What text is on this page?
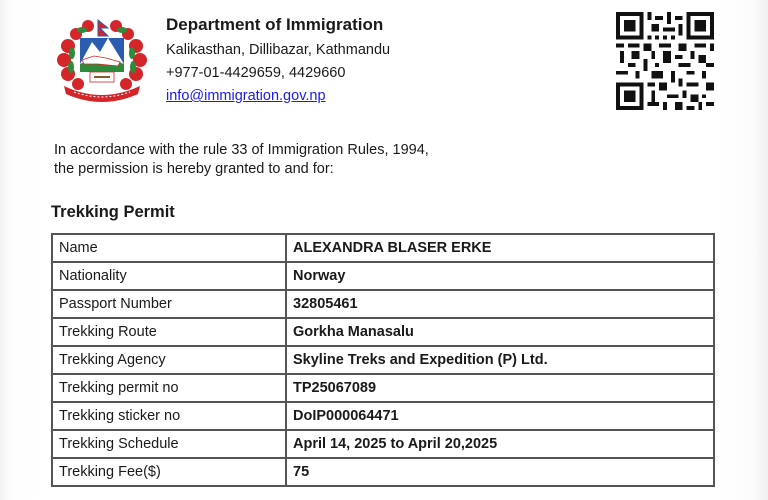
Department of Immigration
Kalikasthan, Dillibazar, Kathmandu
+977-01-4429659, 4429660
info@immigration.gov.np
In accordance with the rule 33 of Immigration Rules, 1994, the permission is hereby granted to and for:
Trekking Permit
Name	ALEXANDRA BLASER ERKE
Nationality	Norway
Passport Number	32805461
Trekking Route	Gorkha Manasalu
Trekking Agency	Skyline Treks and Expedition (P) Ltd.
Trekking permit no	TP25067089
Trekking sticker no	DoIP000064471
Trekking Schedule	April 14, 2025 to April 20,2025
Trekking Fee($)	75
